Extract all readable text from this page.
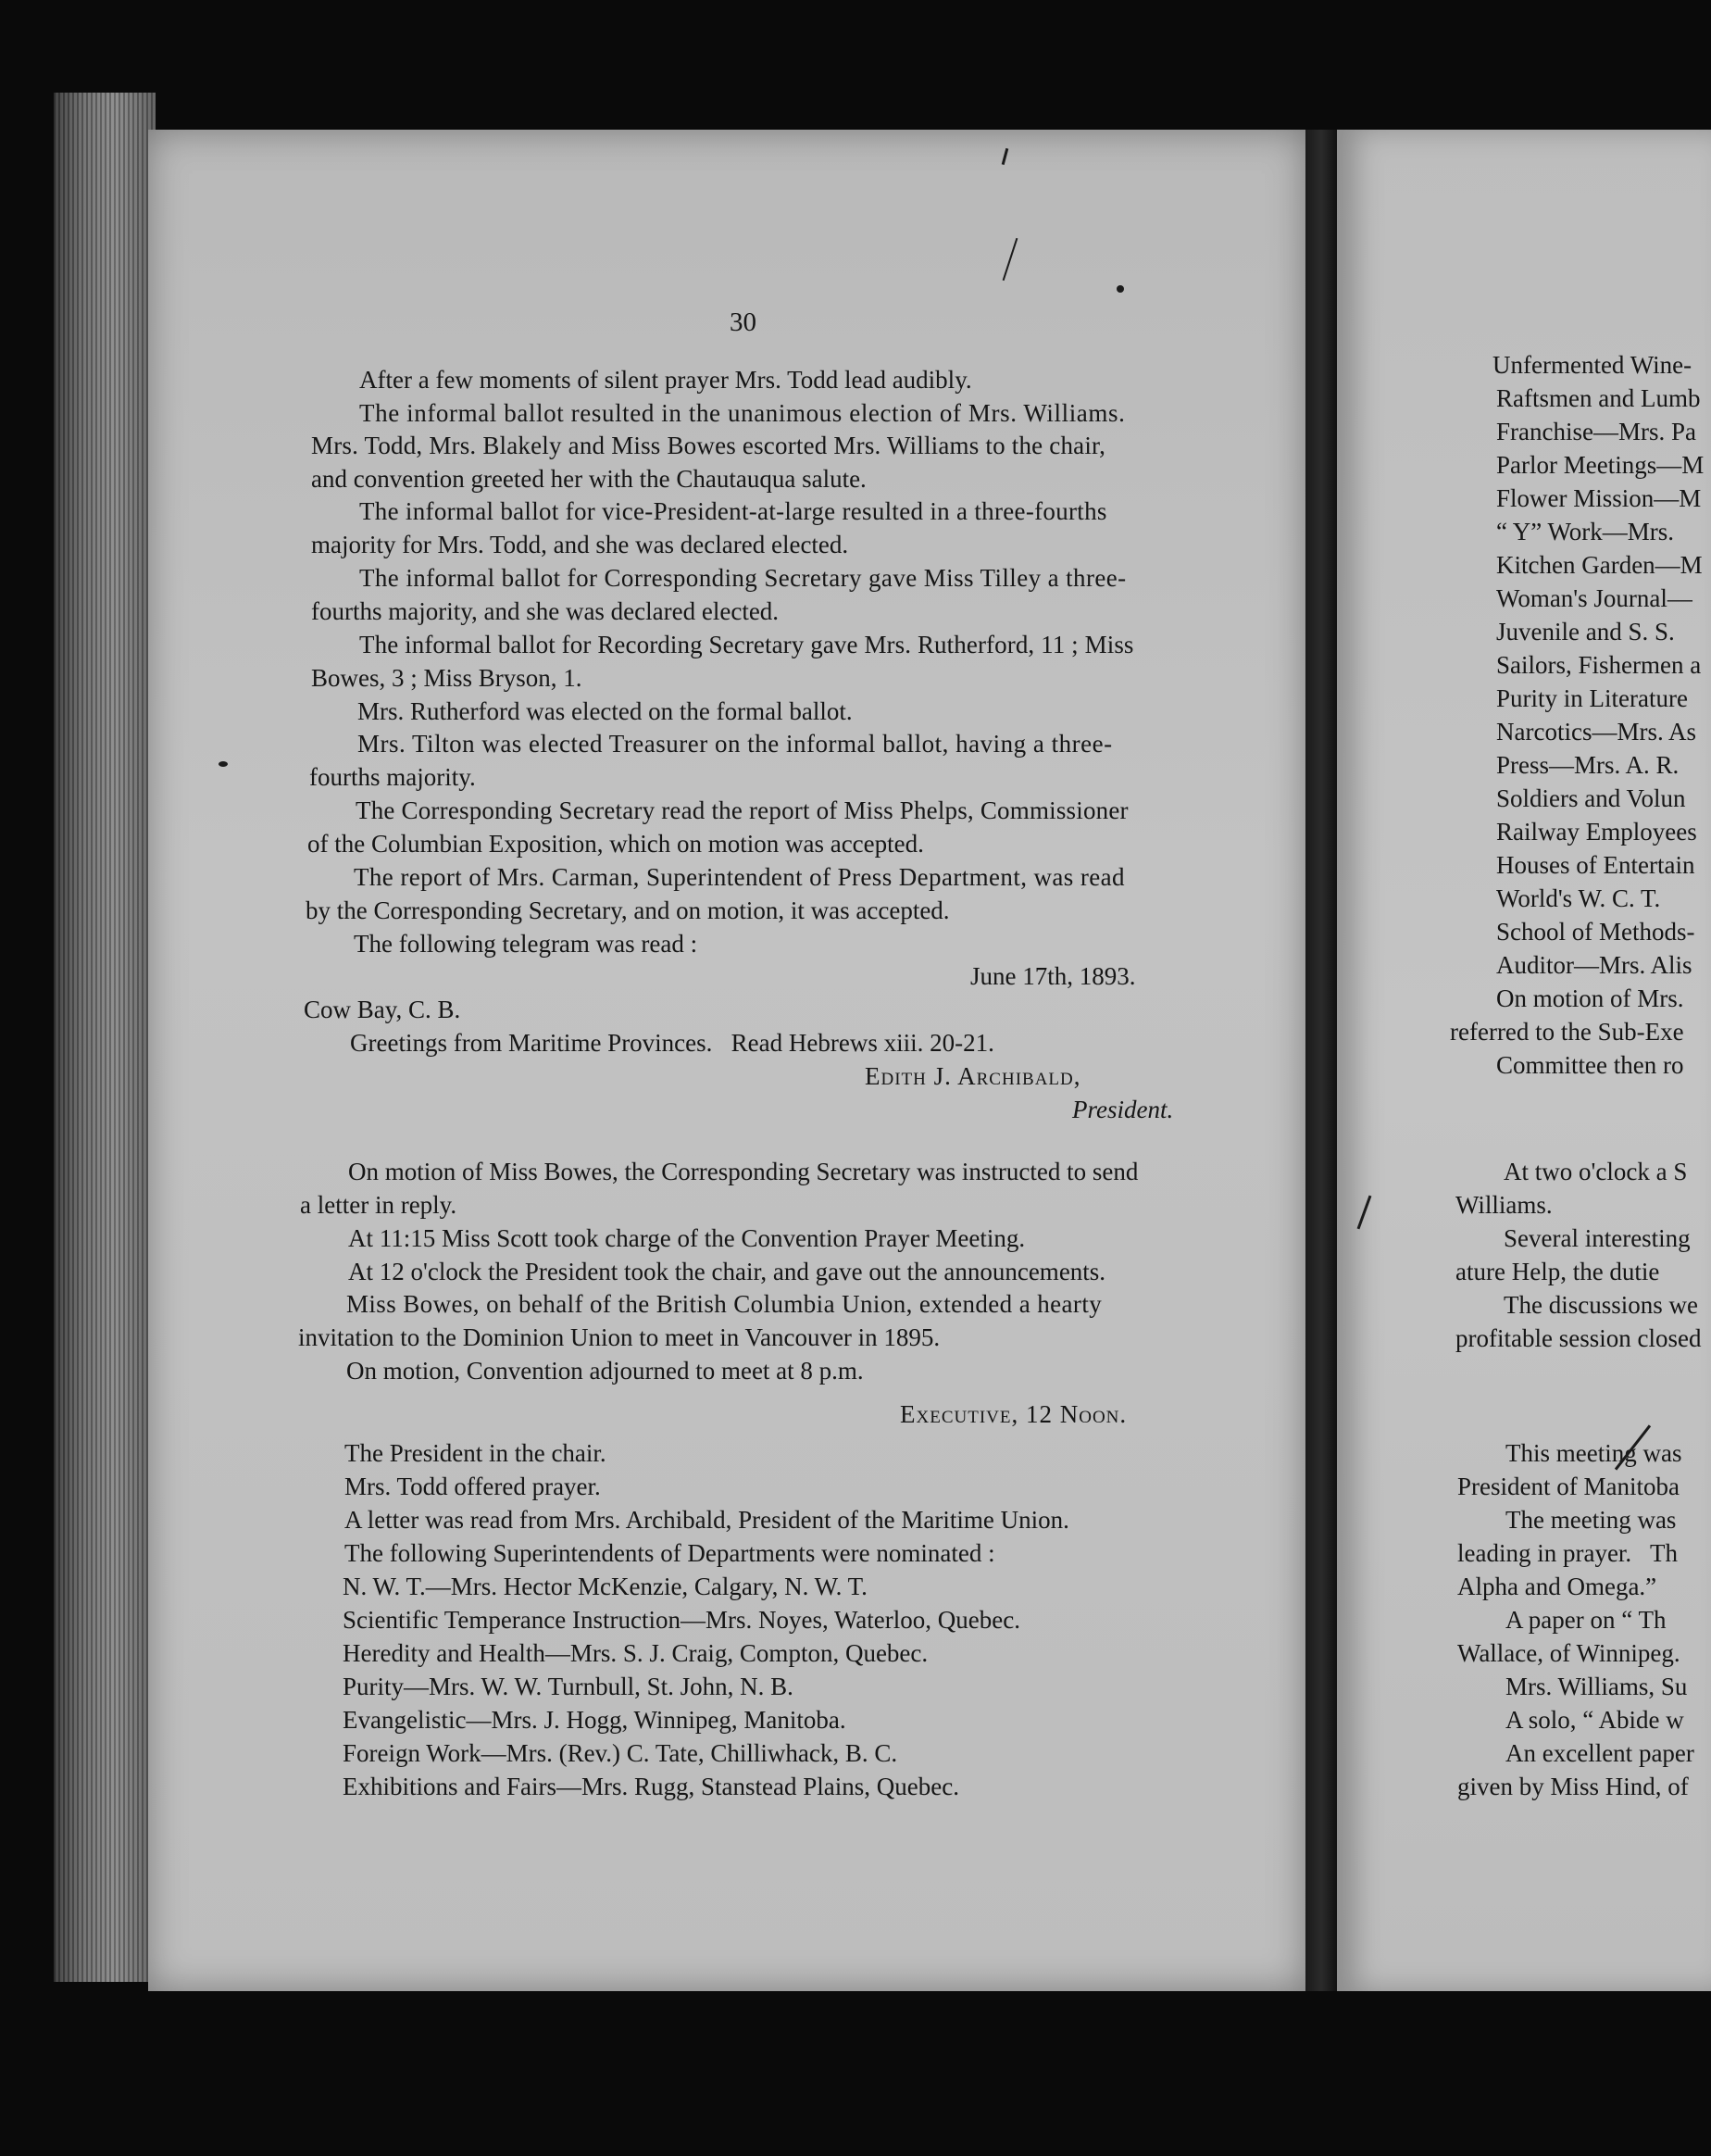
30
After a few moments of silent prayer Mrs. Todd lead audibly.
The informal ballot resulted in the unanimous election of Mrs. Williams.
Mrs. Todd, Mrs. Blakely and Miss Bowes escorted Mrs. Williams to the chair,
and convention greeted her with the Chautauqua salute.
The informal ballot for vice-President-at-large resulted in a three-fourths
majority for Mrs. Todd, and she was declared elected.
The informal ballot for Corresponding Secretary gave Miss Tilley a three-
fourths majority, and she was declared elected.
The informal ballot for Recording Secretary gave Mrs. Rutherford, 11 ; Miss
Bowes, 3 ; Miss Bryson, 1.
Mrs. Rutherford was elected on the formal ballot.
Mrs. Tilton was elected Treasurer on the informal ballot, having a three-
fourths majority.
The Corresponding Secretary read the report of Miss Phelps, Commissioner
of the Columbian Exposition, which on motion was accepted.
The report of Mrs. Carman, Superintendent of Press Department, was read
by the Corresponding Secretary, and on motion, it was accepted.
The following telegram was read :
June 17th, 1893.
Cow Bay, C. B.
Greetings from Maritime Provinces.   Read Hebrews xiii. 20-21.
Edith J. Archibald,
President.
On motion of Miss Bowes, the Corresponding Secretary was instructed to send
a letter in reply.
At 11:15 Miss Scott took charge of the Convention Prayer Meeting.
At 12 o'clock the President took the chair, and gave out the announcements.
Miss Bowes, on behalf of the British Columbia Union, extended a hearty
invitation to the Dominion Union to meet in Vancouver in 1895.
On motion, Convention adjourned to meet at 8 p.m.
Executive, 12 Noon.
The President in the chair.
Mrs. Todd offered prayer.
A letter was read from Mrs. Archibald, President of the Maritime Union.
The following Superintendents of Departments were nominated :
N. W. T.—Mrs. Hector McKenzie, Calgary, N. W. T.
Scientific Temperance Instruction—Mrs. Noyes, Waterloo, Quebec.
Heredity and Health—Mrs. S. J. Craig, Compton, Quebec.
Purity—Mrs. W. W. Turnbull, St. John, N. B.
Evangelistic—Mrs. J. Hogg, Winnipeg, Manitoba.
Foreign Work—Mrs. (Rev.) C. Tate, Chilliwhack, B. C.
Exhibitions and Fairs—Mrs. Rugg, Stanstead Plains, Quebec.
Unfermented Wine-
Raftsmen and Lumb
Franchise—Mrs. Pa
Parlor Meetings—M
Flower Mission—M
“ Y” Work—Mrs.
Kitchen Garden—M
Woman's Journal—
Juvenile and S. S.
Sailors, Fishermen a
Purity in Literature
Narcotics—Mrs. As
Press—Mrs. A. R.
Soldiers and Volun
Railway Employees
Houses of Entertain
World's W. C. T.
School of Methods-
Auditor—Mrs. Alis
On motion of Mrs.
referred to the Sub-Exe
Committee then ro
At two o'clock a S
Williams.
Several interesting
ature Help, the dutie
The discussions we
profitable session closed
This meeting was
President of Manitoba
The meeting was
leading in prayer.   Th
Alpha and Omega.”
A paper on “ Th
Wallace, of Winnipeg.
Mrs. Williams, Su
A solo, “ Abide w
An excellent paper
given by Miss Hind, of
